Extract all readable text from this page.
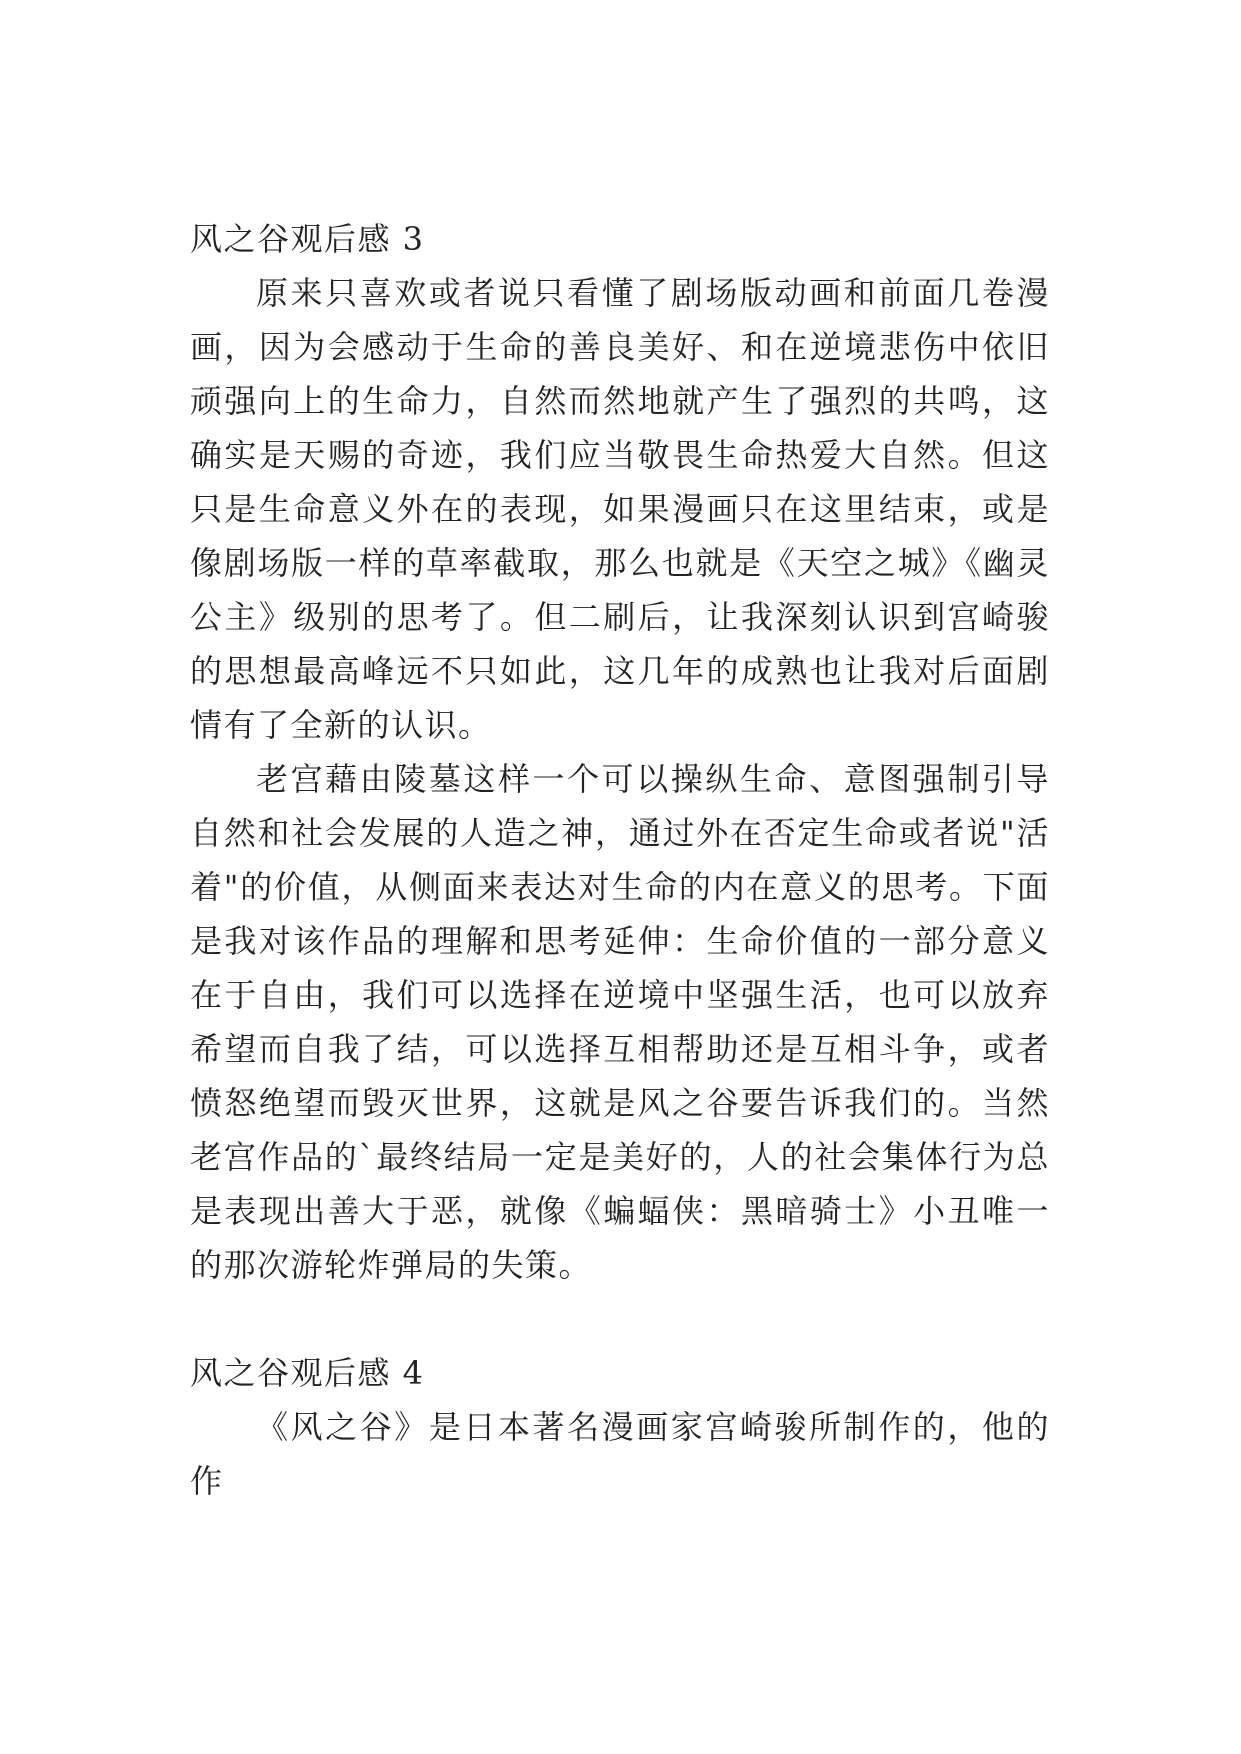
风之谷观后感 3

原来只喜欢或者说只看懂了剧场版动画和前面几卷漫画，因为会感动于生命的善良美好、和在逆境悲伤中依旧顽强向上的生命力，自然而然地就产生了强烈的共鸣，这确实是天赐的奇迹，我们应当敬畏生命热爱大自然。但这只是生命意义外在的表现，如果漫画只在这里结束，或是像剧场版一样的草率截取，那么也就是《天空之城》《幽灵公主》级别的思考了。但二刷后，让我深刻认识到宫崎骏的思想最高峰远不只如此，这几年的成熟也让我对后面剧情有了全新的认识。

老宫藉由陵墓这样一个可以操纵生命、意图强制引导自然和社会发展的人造之神，通过外在否定生命或者说"活着"的价值，从侧面来表达对生命的内在意义的思考。下面是我对该作品的理解和思考延伸：生命价值的一部分意义在于自由，我们可以选择在逆境中坚强生活，也可以放弃希望而自我了结，可以选择互相帮助还是互相斗争，或者愤怒绝望而毁灭世界，这就是风之谷要告诉我们的。当然老宫作品的`最终结局一定是美好的，人的社会集体行为总是表现出善大于恶，就像《蝙蝠侠：黑暗骑士》小丑唯一的那次游轮炸弹局的失策。

风之谷观后感 4

《风之谷》是日本著名漫画家宫崎骏所制作的，他的作
